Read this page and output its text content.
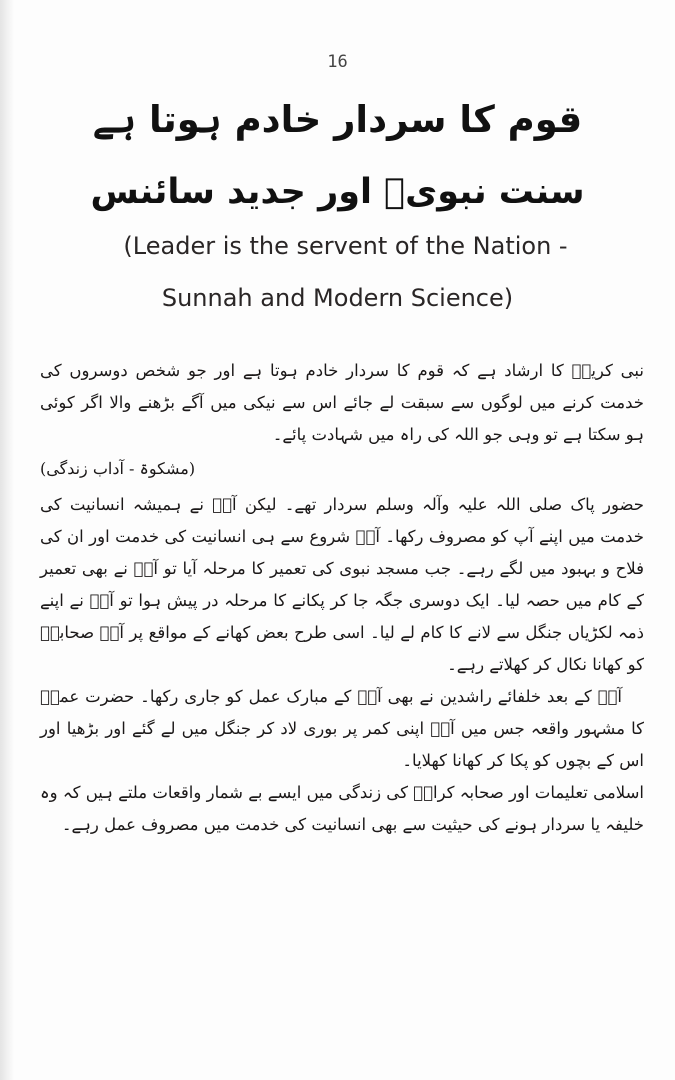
16
قوم کا سردار خادم ہوتا ہے
سنت نبویؐ اور جدید سائنس
(Leader is the servent of the Nation -
Sunnah and Modern Science)

نبی کریمؐ کا ارشاد ہے کہ قوم کا سردار خادم ہوتا ہے اور جو شخص دوسروں کی خدمت کرنے میں لوگوں سے سبقت لے جائے اس سے نیکی میں آگے بڑھنے والا اگر کوئی ہو سکتا ہے تو وہی جو اللہ کی راہ میں شہادت پائے۔

(مشکوۃ - آداب زندگی)

حضور پاک صلی اللہ علیہ وآلہ وسلم سردار تھے۔ لیکن آپؐ نے ہمیشہ انسانیت کی خدمت میں اپنے آپ کو مصروف رکھا۔ آپؐ شروع سے ہی انسانیت کی خدمت اور ان کی فلاح و بہبود میں لگے رہے۔ جب مسجد نبوی کی تعمیر کا مرحلہ آیا تو آپؐ نے بھی تعمیر کے کام میں حصہ لیا۔ ایک دوسری جگہ جا کر پکانے کا مرحلہ در پیش ہوا تو آپؐ نے اپنے ذمہ لکڑیاں جنگل سے لانے کا کام لے لیا۔ اسی طرح بعض کھانے کے مواقع پر آپؐ صحابہؓ کو کھانا نکال کر کھلاتے رہے۔

آپؐ کے بعد خلفائے راشدین نے بھی آپؐ کے مبارک عمل کو جاری رکھا۔ حضرت عمرؓ کا مشہور واقعہ جس میں آپؓ اپنی کمر پر بوری لاد کر جنگل میں لے گئے اور بڑھیا اور اس کے بچوں کو پکا کر کھانا کھلایا۔

اسلامی تعلیمات اور صحابہ کرامؓ کی زندگی میں ایسے بے شمار واقعات ملتے ہیں کہ وہ خلیفہ یا سردار ہونے کی حیثیت سے بھی انسانیت کی خدمت میں مصروف عمل رہے۔
